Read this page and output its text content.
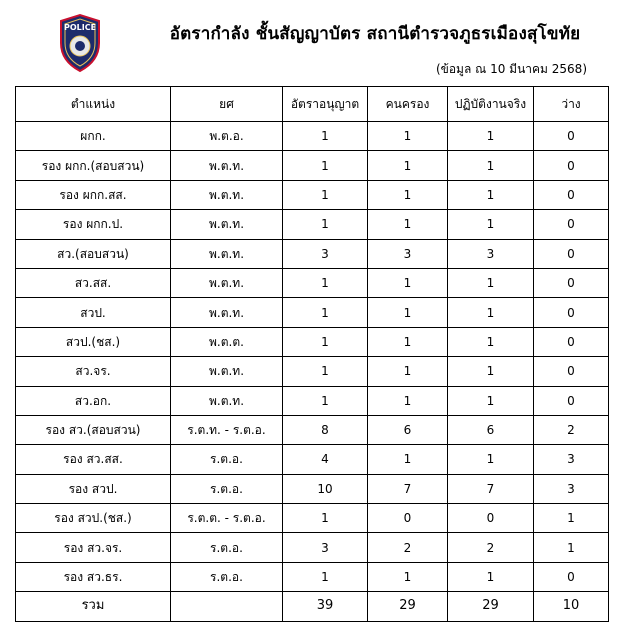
POLICE	อัตรากำลัง ชั้นสัญญาบัตร สถานีตำรวจภูธรเมืองสุโขทัย
(ข้อมูล ณ 10 มีนาคม 2568)
ตำแหน่ง	ยศ	อัตราอนุญาต	คนครอง	ปฏิบัติงานจริง	ว่าง
ผกก.	พ.ต.อ.	1	1	1	0
รอง ผกก.(สอบสวน)	พ.ต.ท.	1	1	1	0
รอง ผกก.สส.	พ.ต.ท.	1	1	1	0
รอง ผกก.ป.	พ.ต.ท.	1	1	1	0
สว.(สอบสวน)	พ.ต.ท.	3	3	3	0
สว.สส.	พ.ต.ท.	1	1	1	0
สวป.	พ.ต.ท.	1	1	1	0
สวป.(ชส.)	พ.ต.ต.	1	1	1	0
สว.จร.	พ.ต.ท.	1	1	1	0
สว.อก.	พ.ต.ท.	1	1	1	0
รอง สว.(สอบสวน)	ร.ต.ท. - ร.ต.อ.	8	6	6	2
รอง สว.สส.	ร.ต.อ.	4	1	1	3
รอง สวป.	ร.ต.อ.	10	7	7	3
รอง สวป.(ชส.)	ร.ต.ต. - ร.ต.อ.	1	0	0	1
รอง สว.จร.	ร.ต.อ.	3	2	2	1
รอง สว.ธร.	ร.ต.อ.	1	1	1	0
รวม		39	29	29	10
